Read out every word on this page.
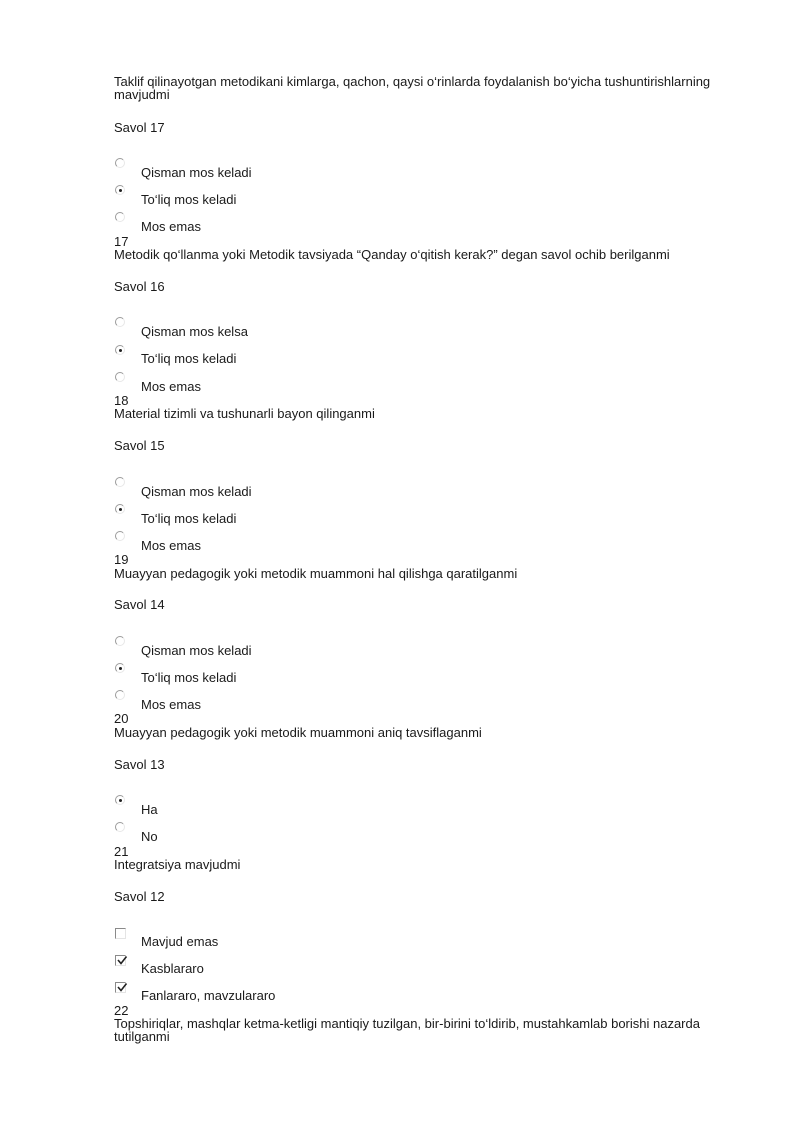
Taklif qilinayotgan metodikani kimlarga, qachon, qaysi o‘rinlarda foydalanish bo‘yicha tushuntirishlarning mavjudmi
Savol 17
Qisman mos keladi
To‘liq mos keladi
Mos emas
17
Metodik qo‘llanma yoki Metodik tavsiyada “Qanday o‘qitish kerak?” degan savol ochib berilganmi
Savol 16
Qisman mos kelsa
To‘liq mos keladi
Mos emas
18
Material tizimli va tushunarli bayon qilinganmi
Savol 15
Qisman mos keladi
To‘liq mos keladi
Mos emas
19
Muayyan pedagogik yoki metodik muammoni hal qilishga qaratilganmi
Savol 14
Qisman mos keladi
To‘liq mos keladi
Mos emas
20
Muayyan pedagogik yoki metodik muammoni aniq tavsiflaganmi
Savol 13
Ha
No
21
Integratsiya mavjudmi
Savol 12
Mavjud emas
Kasblararo
Fanlararo, mavzulararo
22
Topshiriqlar, mashqlar ketma-ketligi mantiqiy tuzilgan, bir-birini to‘ldirib, mustahkamlab borishi nazarda tutilganmi
